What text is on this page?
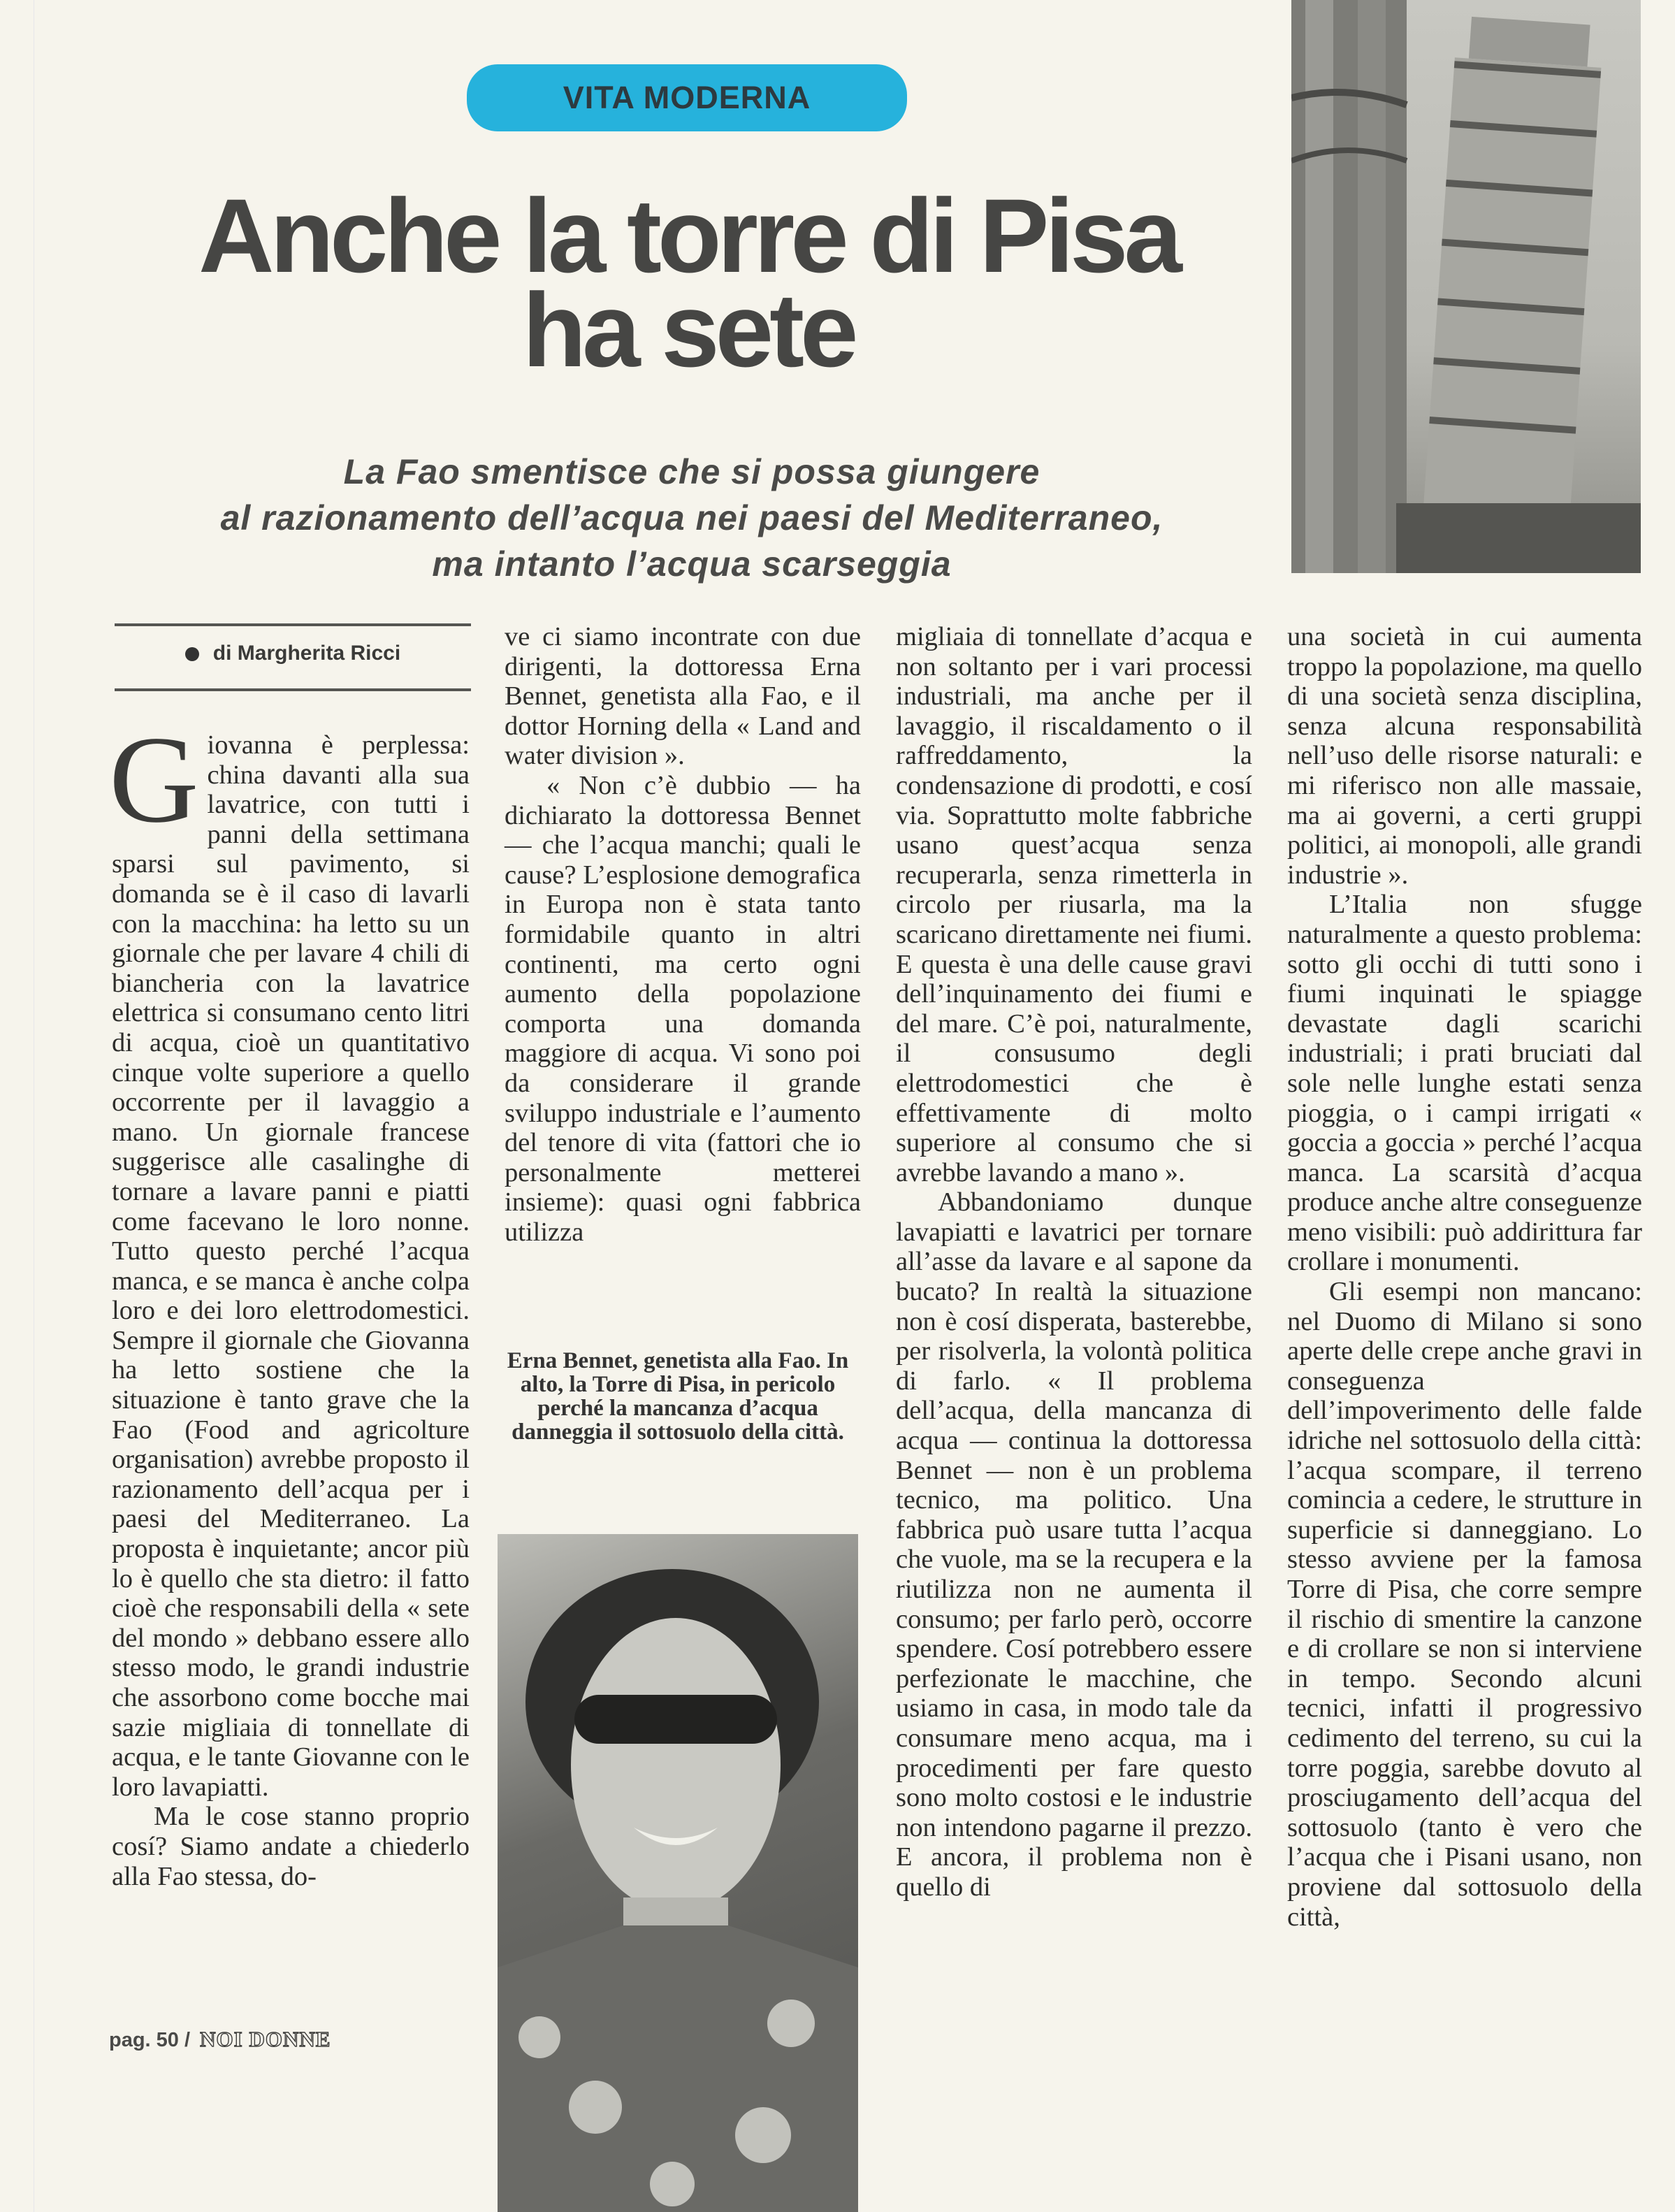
VITA MODERNA
Anche la torre di Pisa
ha sete
La Fao smentisce che si possa giungere
al razionamento dell’acqua nei paesi del Mediterraneo,
ma intanto l’acqua scarseggia
di Margherita Ricci

Giovanna è perplessa: china davanti alla sua lavatrice, con tutti i panni della settimana sparsi sul pavimento, si domanda se è il caso di lavarli con la macchina: ha letto su un giornale che per lavare 4 chili di biancheria con la lavatrice elettrica si consumano cento litri di acqua, cioè un quantitativo cinque volte superiore a quello occorrente per il lavaggio a mano. Un giornale francese suggerisce alle casalinghe di tornare a lavare panni e piatti come facevano le loro nonne. Tutto questo perché l’acqua manca, e se manca è anche colpa loro e dei loro elettrodomestici. Sempre il giornale che Giovanna ha letto sostiene che la situazione è tanto grave che la Fao (Food and agricolture organisation) avrebbe proposto il razionamento dell’acqua per i paesi del Mediterraneo. La proposta è inquietante; ancor più lo è quello che sta dietro: il fatto cioè che responsabili della « sete del mondo » debbano essere allo stesso modo, le grandi industrie che assorbono come bocche mai sazie migliaia di tonnellate di acqua, e le tante Giovanne con le loro lavapiatti.

Ma le cose stanno proprio cosí? Siamo andate a chiederlo alla Fao stessa, do-

ve ci siamo incontrate con due dirigenti, la dottoressa Erna Bennet, genetista alla Fao, e il dottor Horning della « Land and water division ».

« Non c’è dubbio — ha dichiarato la dottoressa Bennet — che l’acqua manchi; quali le cause? L’esplosione demografica in Europa non è stata tanto formidabile quanto in altri continenti, ma certo ogni aumento della popolazione comporta una domanda maggiore di acqua. Vi sono poi da considerare il grande sviluppo industriale e l’aumento del tenore di vita (fattori che io personalmente metterei insieme): quasi ogni fabbrica utilizza

Erna Bennet, genetista alla Fao. In alto, la Torre di Pisa, in pericolo perché la mancanza d’acqua danneggia il sottosuolo della città.

migliaia di tonnellate d’acqua e non soltanto per i vari processi industriali, ma anche per il lavaggio, il riscaldamento o il raffreddamento, la condensazione di prodotti, e cosí via. Soprattutto molte fabbriche usano quest’acqua senza recuperarla, senza rimetterla in circolo per riusarla, ma la scaricano direttamente nei fiumi. E questa è una delle cause gravi dell’inquinamento dei fiumi e del mare. C’è poi, naturalmente, il consusumo degli elettrodomestici che è effettivamente di molto superiore al consumo che si avrebbe lavando a mano ».

Abbandoniamo dunque lavapiatti e lavatrici per tornare all’asse da lavare e al sapone da bucato? In realtà la situazione non è cosí disperata, basterebbe, per risolverla, la volontà politica di farlo. « Il problema dell’acqua, della mancanza di acqua — continua la dottoressa Bennet — non è un problema tecnico, ma politico. Una fabbrica può usare tutta l’acqua che vuole, ma se la recupera e la riutilizza non ne aumenta il consumo; per farlo però, occorre spendere. Cosí potrebbero essere perfezionate le macchine, che usiamo in casa, in modo tale da consumare meno acqua, ma i procedimenti per fare questo sono molto costosi e le industrie non intendono pagarne il prezzo. E ancora, il problema non è quello di

una società in cui aumenta troppo la popolazione, ma quello di una società senza disciplina, senza alcuna responsabilità nell’uso delle risorse naturali: e mi riferisco non alle massaie, ma ai governi, a certi gruppi politici, ai monopoli, alle grandi industrie ».

L’Italia non sfugge naturalmente a questo problema: sotto gli occhi di tutti sono i fiumi inquinati le spiagge devastate dagli scarichi industriali; i prati bruciati dal sole nelle lunghe estati senza pioggia, o i campi irrigati « goccia a goccia » perché l’acqua manca. La scarsità d’acqua produce anche altre conseguenze meno visibili: può addirittura far crollare i monumenti.

Gli esempi non mancano: nel Duomo di Milano si sono aperte delle crepe anche gravi in conseguenza dell’impoverimento delle falde idriche nel sottosuolo della città: l’acqua scompare, il terreno comincia a cedere, le strutture in superficie si danneggiano. Lo stesso avviene per la famosa Torre di Pisa, che corre sempre il rischio di smentire la canzone e di crollare se non si interviene in tempo. Secondo alcuni tecnici, infatti il progressivo cedimento del terreno, su cui la torre poggia, sarebbe dovuto al prosciugamento dell’acqua del sottosuolo (tanto è vero che l’acqua che i Pisani usano, non proviene dal sottosuolo della città,

pag. 50 / NOI DONNE
